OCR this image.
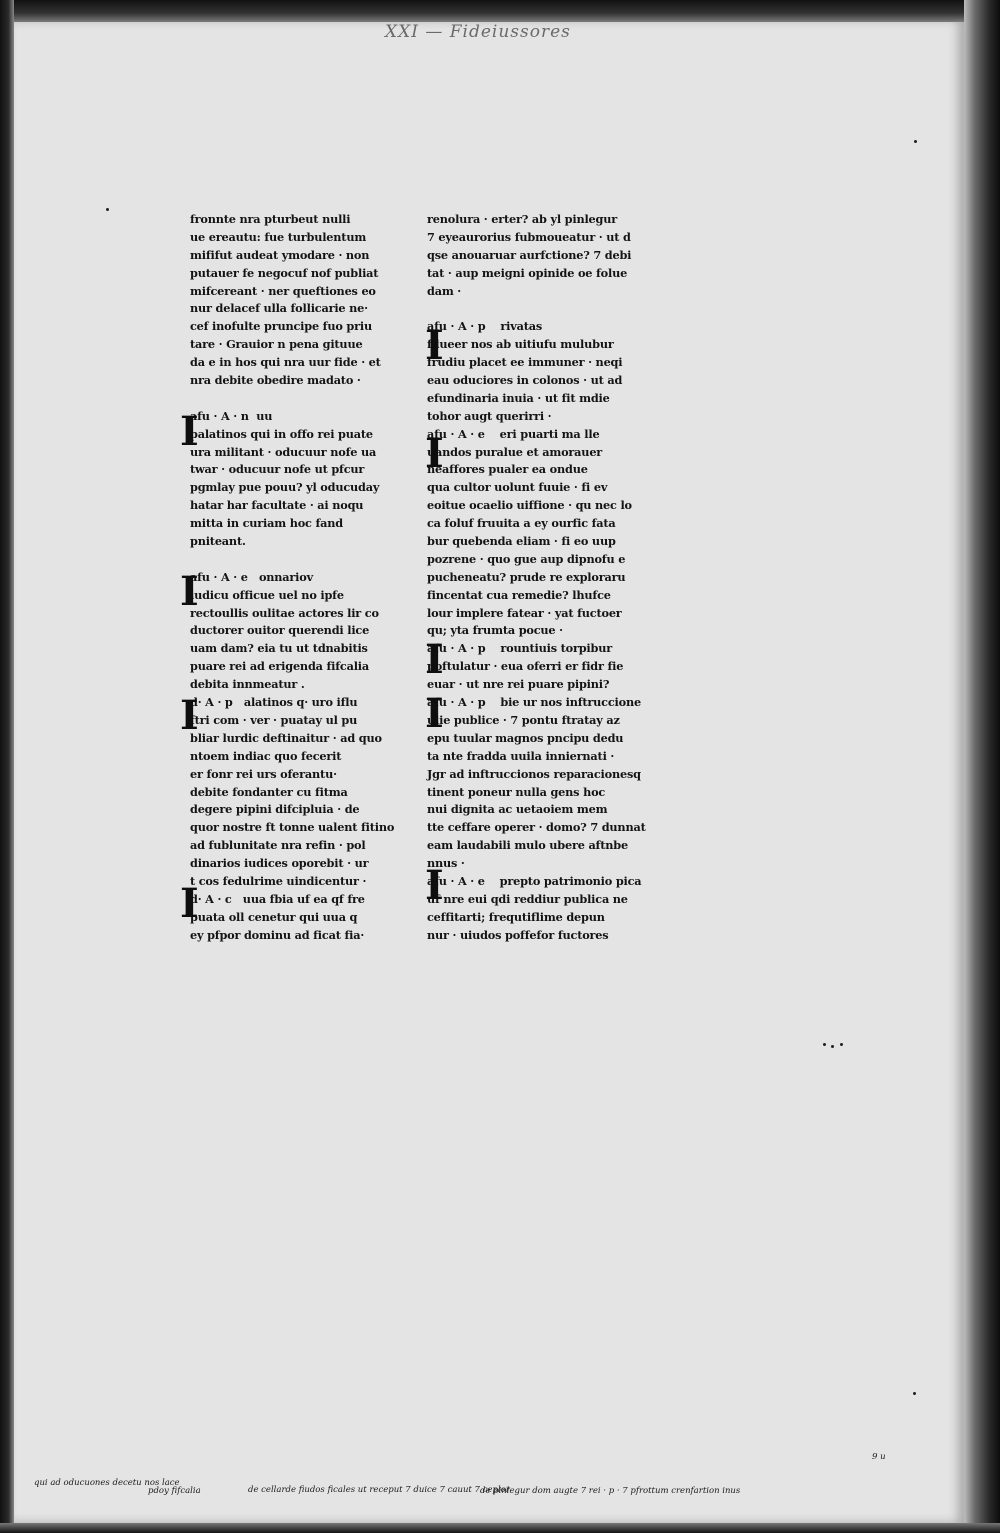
XXI — Fideiussores
fronnte nra pturbeut nulli
ue ereautu: fue turbulentum
mififut audeat ymodare · non
putauer fe negocuf nof publiat
mifcereant · ner queftiones eo
nur delacef ulla follicarie ne·
cef inofulte pruncipe fuo priu
tare · Grauior n pena gituue
da e in hos qui nra uur fide · et
nra debite obedire madato ·
afu · A · n  uu
palatinos qui in offo rei puate
ura militant · oducuur nofe ua
twar · oducuur nofe ut pfcur
pgmlay pue pouu? yl oducuday
hatar har facultate · ai noqu
mitta in curiam hoc fand
pniteant.
afu · A · e   onnariov
iudicu officue uel no ipfe
rectoullis oulitae actores lir co
ductorer ouitor querendi lice
uam dam? eia tu ut tdnabitis
puare rei ad erigenda fifcalia
debita innmeatur .
d· A · p   alatinos q· uro iflu
ftri com · ver · puatay ul pu
bliar lurdic deftinaitur · ad quo
ntoem indiac quo fecerit
er fonr rei urs oferantu·
debite fondanter cu fitma
degere pipini difcipluia · de
quor nostre ft tonne ualent fitino
ad fublunitate nra refin · pol
dinarios iudices oporebit · ur
t cos fedulrime uindicentur ·
d· A · c   uua fbia uf ea qf fre
puata oll cenetur qui uua q
ey pfpor dominu ad ficat fia·
renolura · erter? ab yl pinlegur
7 eyeaurorius fubmoueatur · ut d
qse anouaruar aurfctione? 7 debi
tat · aup meigni opinide oe folue
dam ·
afu · A · p    rivatas
fdueer nos ab uitiufu mulubur
frudiu placet ee immuner · neqi
eau oduciores in colonos · ut ad
efundinaria inuia · ut fit mdie
tohor augt querirri ·
afu · A · e    eri puarti ma lle
uandos puralue et amorauer
neaffores pualer ea ondue
qua cultor uolunt fuuie · fi ev
eoitue ocaelio uiffione · qu nec lo
ca foluf fruuita a ey ourfic fata
bur quebenda eliam · fi eo uup
pozrene · quo gue aup dipnofu e
pucheneatu? prude re exploraru
fincentat cua remedie? lhufce
lour implere fatear · yat fuctoer
qu; yta frumta pocue ·
afu · A · p    rountiuis torpibur
poftulatur · eua oferri er fidr fie
euar · ut nre rei puare pipini?
afu · A · p    bie ur nos inftruccione
ulie publice · 7 pontu ftratay az
epu tuular magnos pncipu dedu
ta nte fradda uuila inniernati ·
Jgr ad inftruccionos reparacionesq
tinent poneur nulla gens hoc
nui dignita ac uetaoiem mem
tte ceffare operer · domo? 7 dunnat
eam laudabili mulo ubere aftnbe
nnus ·
afu · A · e    prepto patrimonio pica
uf nre eui qdi reddiur publica ne
ceffitarti; frequtiflime depun
nur · uiudos poffefor fuctores
I
I
I
I
I
I
I
I
I
qui ad oducuones decetu nos lace
pdoy fifcalia	de cellarde fiudos ficales ut receput 7 duice 7 cauut 7 ceplor
de pinlegur dom augte 7 rei · p · 7 pfrottum crenfartion inus
9 u
